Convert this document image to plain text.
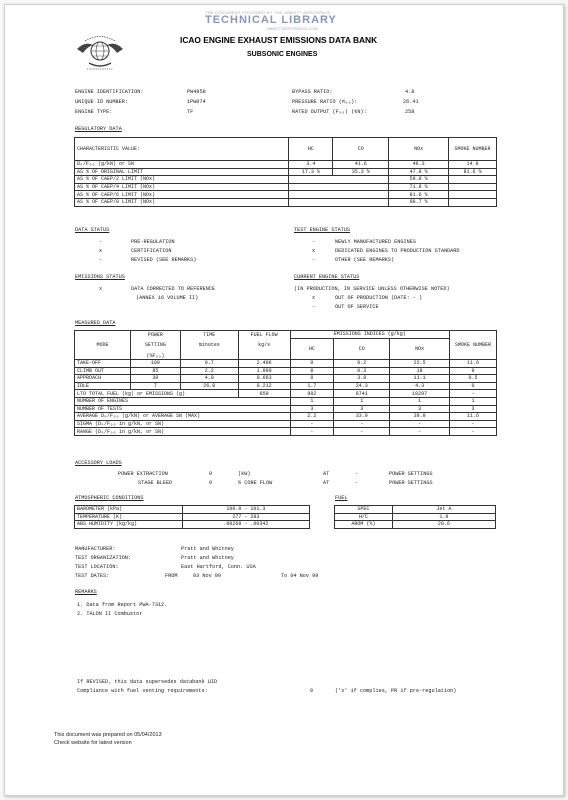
THE DOCUMENT PROVIDED BY THE ABBOTT AEROSPACE
TECHNICAL LIBRARY
ABBOTTAEROSPACE.COM
ICAO ENGINE EXHAUST EMISSIONS DATA BANK
SUBSONIC ENGINES
ENGINE IDENTIFICATION:	PW4858
UNIQUE ID NUMBER:	1PW074
ENGINE TYPE:	TF
BYPASS RATIO:	4.8
PRESSURE RATIO (π₀₀):	26.41
RATED OUTPUT (F₀₀) (kN):	258
REGULATORY DATA
CHARACTERISTIC VALUE:	HC	CO	NOx	SMOKE NUMBER
Dₚ/F₀₀ (g/kN) or SN	3.4	41.6	46.3	14.9
AS % OF ORIGINAL LIMIT	17.3 %	35.3 %	47.8 %	81.6 %
AS % OF CAEP/2 LIMIT (NOx)			59.8 %	
AS % OF CAEP/4 LIMIT (NOx)			71.8 %	
AS % OF CAEP/6 LIMIT (NOx)			81.6 %	
AS % OF CAEP/8 LIMIT (NOx)			98.7 %	
DATA STATUS
-	PRE-REGULATION
x	CERTIFICATION
-	REVISED (SEE REMARKS)
TEST ENGINE STATUS
-	NEWLY MANUFACTURED ENGINES
x	DEDICATED ENGINES TO PRODUCTION STANDARD
-	OTHER (SEE REMARKS)
EMISSIONS STATUS
x	DATA CORRECTED TO REFERENCE
(ANNEX 16 VOLUME II)
CURRENT ENGINE STATUS
(IN PRODUCTION, IN SERVICE UNLESS OTHERWISE NOTED)
x	OUT OF PRODUCTION (DATE: - )
-	OUT OF SERVICE
MEASURED DATA
MODE	POWER	TIME	FUEL FLOW	EMISSIONS INDICES (g/kg)			SMOKE NUMBER
	SETTING	minutes	kg/s	HC	CO	NOx	
	(%F₀₀)						
TAKE-OFF	100	0.7	2.496	0	0.2	22.5	11.6
CLIMB OUT	85	2.2	1.999	0	0.3	18	9
APPROACH	30	4.0	0.663	0	3.8	11.1	0.5
IDLE	7	26.0	0.212	1.7	24.3	4.3	0
LTO TOTAL FUEL (kg) or EMISSIONS (g)			859	982	8741	10297	-
NUMBER OF ENGINES				1	1	1	1
NUMBER OF TESTS				3	3	3	3
AVERAGE Dₚ/F₀₀ (g/kN) or AVERAGE SN (MAX)				2.2	33.9	39.9	11.6
SIGMA (Dₚ/F₀₀ in g/kN, or SN)				-	-	-	-
RANGE (Dₚ/F₀₀ in g/kN, or SN)				-	-	-	-
ACCESSORY LOADS
POWER EXTRACTION	0	(kW)	AT	-	POWER SETTINGS
STAGE BLEED	0	% CORE FLOW	AT	-	POWER SETTINGS
ATMOSPHERIC CONDITIONS
BAROMETER (kPa)	100.0 - 101.3
TEMPERATURE (K)	277 - 283
ABS HUMIDITY (kg/kg)	.00268 - .00342
FUEL
SPEC	Jet A
H/C	1.9
AROM (%)	20.6
MANUFACTURER:	Pratt and Whitney
TEST ORGANIZATION:	Pratt and Whitney
TEST LOCATION:	East Hartford, Conn. USA
TEST DATES:	FROM	03 Nov 99	To 04 Nov 99
REMARKS
1. Data from Report PWA-7312.
2. TALON II Combustor
If REVISED, this data supersedes databank UID
Compliance with fuel venting requirements:	0	('x' if complies, PR if pre-regulation)
This document was prepared on 05/04/2013
Check website for latest version
